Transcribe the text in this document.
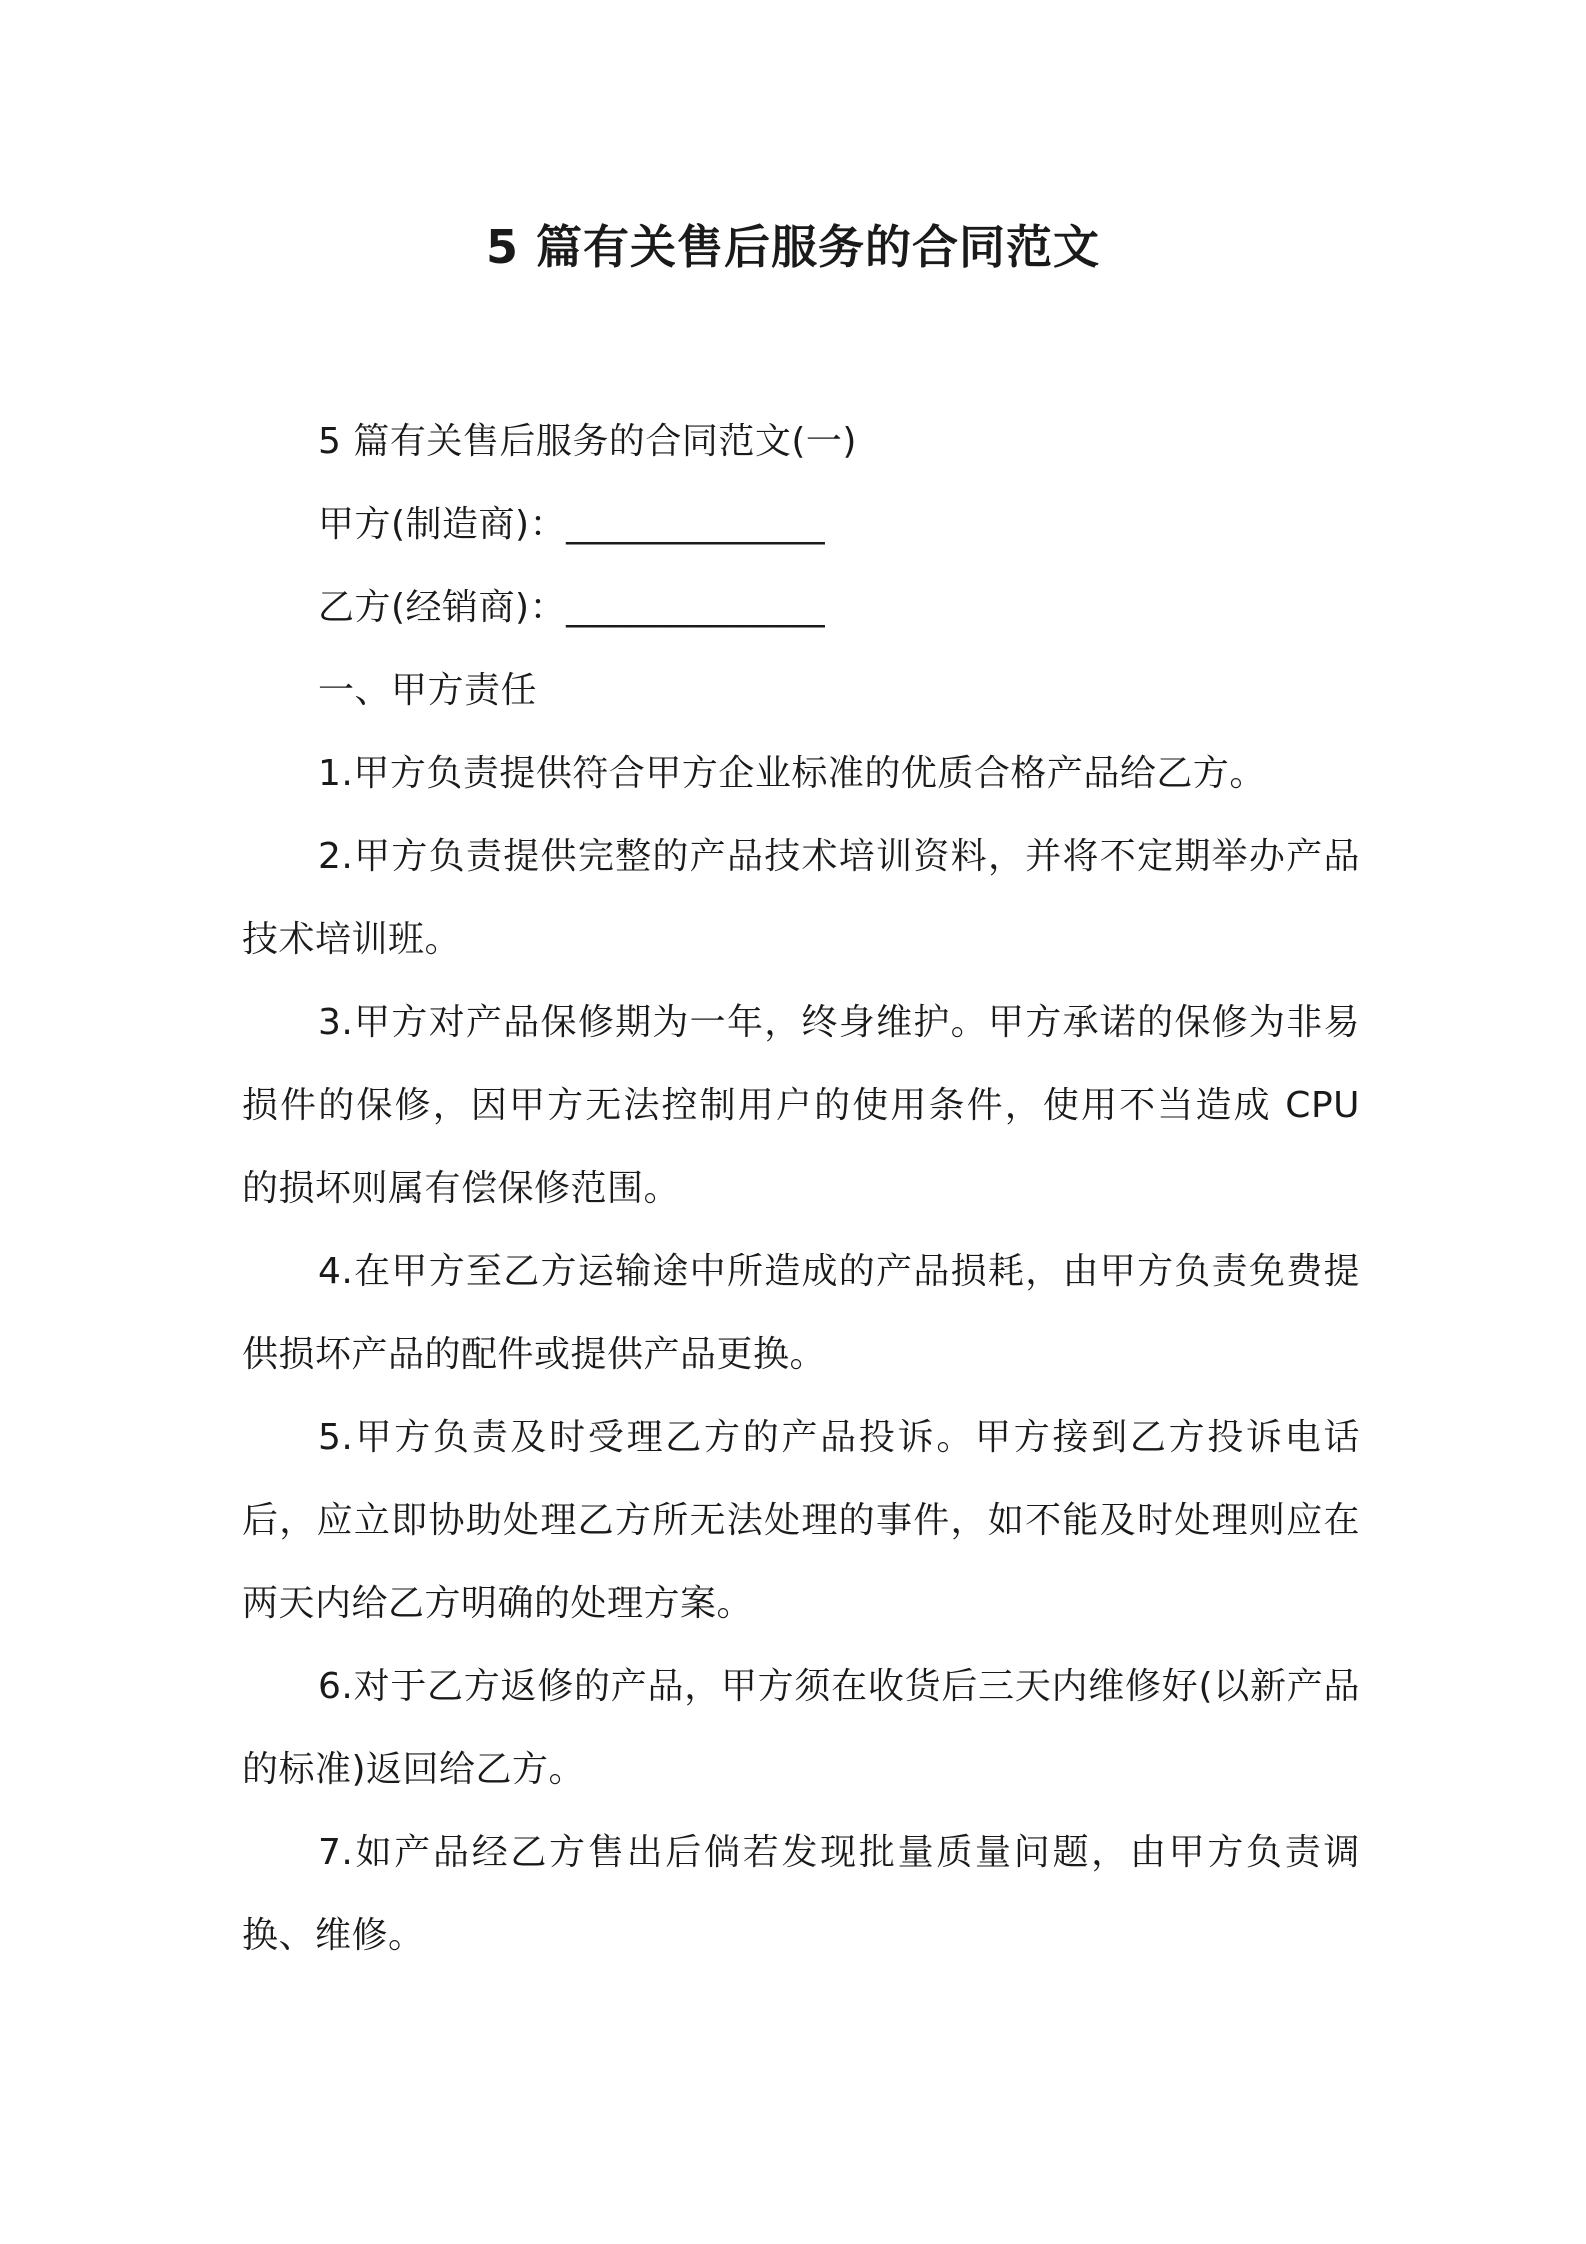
5 篇有关售后服务的合同范文

5 篇有关售后服务的合同范文(一)

甲方(制造商)：______________

乙方(经销商)：______________

一、甲方责任

1.甲方负责提供符合甲方企业标准的优质合格产品给乙方。

2.甲方负责提供完整的产品技术培训资料，并将不定期举办产品技术培训班。

3.甲方对产品保修期为一年，终身维护。甲方承诺的保修为非易损件的保修，因甲方无法控制用户的使用条件，使用不当造成 CPU 的损坏则属有偿保修范围。

4.在甲方至乙方运输途中所造成的产品损耗，由甲方负责免费提供损坏产品的配件或提供产品更换。

5.甲方负责及时受理乙方的产品投诉。甲方接到乙方投诉电话后，应立即协助处理乙方所无法处理的事件，如不能及时处理则应在两天内给乙方明确的处理方案。

6.对于乙方返修的产品，甲方须在收货后三天内维修好(以新产品的标准)返回给乙方。

7.如产品经乙方售出后倘若发现批量质量问题，由甲方负责调换、维修。
